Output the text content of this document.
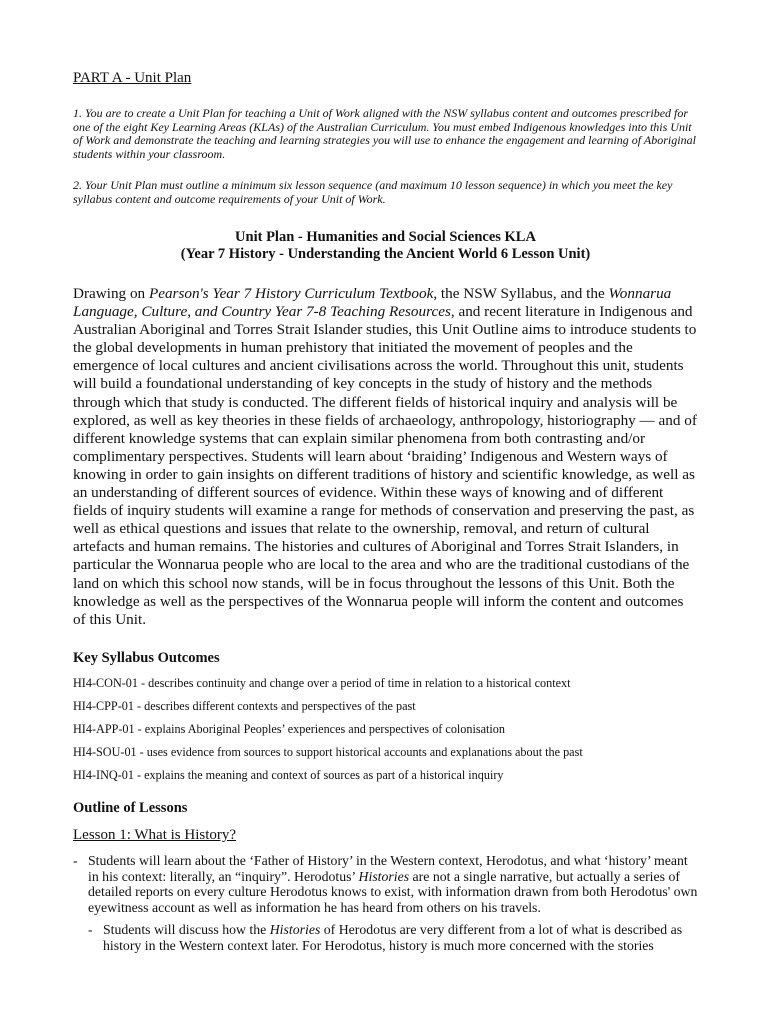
PART A - Unit Plan
1. You are to create a Unit Plan for teaching a Unit of Work aligned with the NSW syllabus content and outcomes prescribed for one of the eight Key Learning Areas (KLAs) of the Australian Curriculum. You must embed Indigenous knowledges into this Unit of Work and demonstrate the teaching and learning strategies you will use to enhance the engagement and learning of Aboriginal students within your classroom.
2. Your Unit Plan must outline a minimum six lesson sequence (and maximum 10 lesson sequence) in which you meet the key syllabus content and outcome requirements of your Unit of Work.
Unit Plan - Humanities and Social Sciences KLA
(Year 7 History - Understanding the Ancient World 6 Lesson Unit)
Drawing on Pearson's Year 7 History Curriculum Textbook, the NSW Syllabus, and the Wonnarua Language, Culture, and Country Year 7-8 Teaching Resources, and recent literature in Indigenous and Australian Aboriginal and Torres Strait Islander studies, this Unit Outline aims to introduce students to the global developments in human prehistory that initiated the movement of peoples and the emergence of local cultures and ancient civilisations across the world. Throughout this unit, students will build a foundational understanding of key concepts in the study of history and the methods through which that study is conducted. The different fields of historical inquiry and analysis will be explored, as well as key theories in these fields of archaeology, anthropology, historiography — and of different knowledge systems that can explain similar phenomena from both contrasting and/or complimentary perspectives. Students will learn about ‘braiding’ Indigenous and Western ways of knowing in order to gain insights on different traditions of history and scientific knowledge, as well as an understanding of different sources of evidence. Within these ways of knowing and of different fields of inquiry students will examine a range for methods of conservation and preserving the past, as well as ethical questions and issues that relate to the ownership, removal, and return of cultural artefacts and human remains. The histories and cultures of Aboriginal and Torres Strait Islanders, in particular the Wonnarua people who are local to the area and who are the traditional custodians of the land on which this school now stands, will be in focus throughout the lessons of this Unit. Both the knowledge as well as the perspectives of the Wonnarua people will inform the content and outcomes of this Unit.
Key Syllabus Outcomes
HI4-CON-01 - describes continuity and change over a period of time in relation to a historical context
HI4-CPP-01 - describes different contexts and perspectives of the past
HI4-APP-01 - explains Aboriginal Peoples’ experiences and perspectives of colonisation
HI4-SOU-01 - uses evidence from sources to support historical accounts and explanations about the past
HI4-INQ-01 - explains the meaning and context of sources as part of a historical inquiry
Outline of Lessons
Lesson 1: What is History?
- Students will learn about the ‘Father of History’ in the Western context, Herodotus, and what ‘history’ meant in his context: literally, an “inquiry”. Herodotus’ Histories are not a single narrative, but actually a series of detailed reports on every culture Herodotus knows to exist, with information drawn from both Herodotus' own eyewitness account as well as information he has heard from others on his travels.
- Students will discuss how the Histories of Herodotus are very different from a lot of what is described as history in the Western context later. For Herodotus, history is much more concerned with the stories
